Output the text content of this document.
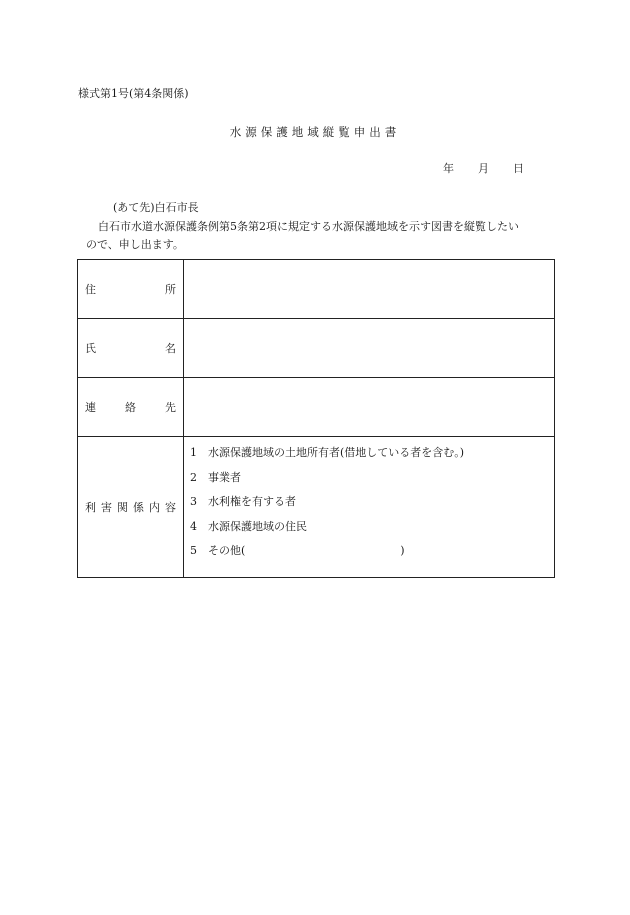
様式第1号(第4条関係)
水源保護地域縦覧申出書
年 月 日
(あて先)白石市長
白石市水道水源保護条例第5条第2項に規定する水源保護地域を示す図書を縦覧したい
ので、申し出ます。
住	所
氏	名
連	絡	先
利 害 関 係 内 容
1 水源保護地域の土地所有者(借地している者を含む。)
2 事業者
3 水利権を有する者
4 水源保護地域の住民
5 その他(	)
